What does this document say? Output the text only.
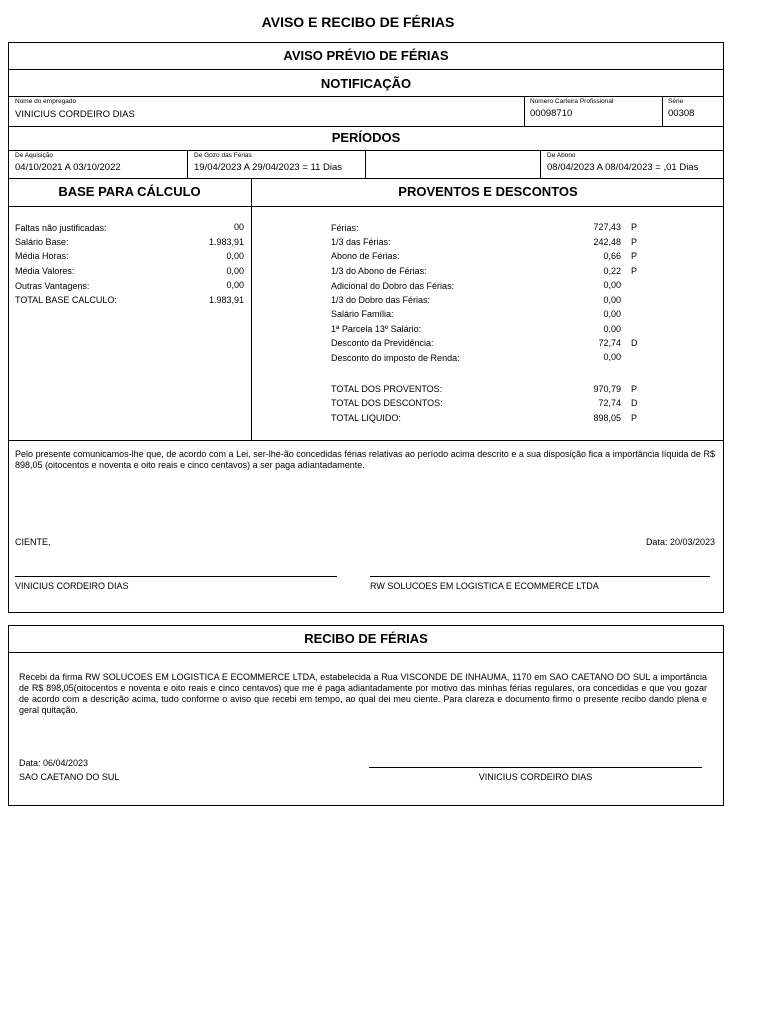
AVISO E RECIBO DE FÉRIAS
AVISO PRÉVIO DE FÉRIAS
NOTIFICAÇÃO
Nome do empregado
VINICIUS CORDEIRO DIAS
Número Carteira Profissional
00098710
Série
00308
PERÍODOS
De Aquisição
04/10/2021 A 03/10/2022
De Gozo das Férias
19/04/2023 A 29/04/2023 = 11 Dias
De Abono
08/04/2023 A 08/04/2023 = ,01 Dias
BASE PARA CÁLCULO	PROVENTOS E DESCONTOS
Faltas não justificadas:	00
Salário Base:	1.983,91
Média Horas:	0,00
Média Valores:	0,00
Outras Vantagens:	0,00
TOTAL BASE CALCULO:	1.983,91
Férias:	727,43 P
1/3 das Férias:	242,48 P
Abono de Férias:	0,66 P
1/3 do Abono de Férias:	0,22 P
Adicional do Dobro das Férias:	0,00
1/3 do Dobro das Férias:	0,00
Salário Família:	0,00
1ª Parcela 13º Salário:	0,00
Desconto da Previdência:	72,74 D
Desconto do imposto de Renda:	0,00
TOTAL DOS PROVENTOS:	970,79 P
TOTAL DOS DESCONTOS:	72,74 D
TOTAL LIQUIDO:	898,05 P
Pelo presente comunicamos-lhe que, de acordo com a Lei, ser-lhe-ão concedidas férias relativas ao período acima descrito e a sua disposição fica a importância líquida de R$ 898,05 (oitocentos e noventa e oito reais e cinco centavos) a ser paga adiantadamente.
CIENTE,	Data: 20/03/2023
VINICIUS CORDEIRO DIAS	RW SOLUCOES EM LOGISTICA E ECOMMERCE LTDA
RECIBO DE FÉRIAS
Recebi da firma RW SOLUCOES EM LOGISTICA E ECOMMERCE LTDA, estabelecida a Rua VISCONDE DE INHAUMA, 1170 em SAO CAETANO DO SUL a importância de R$ 898,05(oitocentos e noventa e oito reais e cinco centavos) que me é paga adiantadamente por motivo das minhas férias regulares, ora concedidas e que vou gozar de acordo com a descrição acima, tudo conforme o aviso que recebi em tempo, ao qual dei meu ciente. Para clareza e documento firmo o presente recibo dando plena e geral quitação.
Data: 06/04/2023
SAO CAETANO DO SUL	VINICIUS CORDEIRO DIAS
